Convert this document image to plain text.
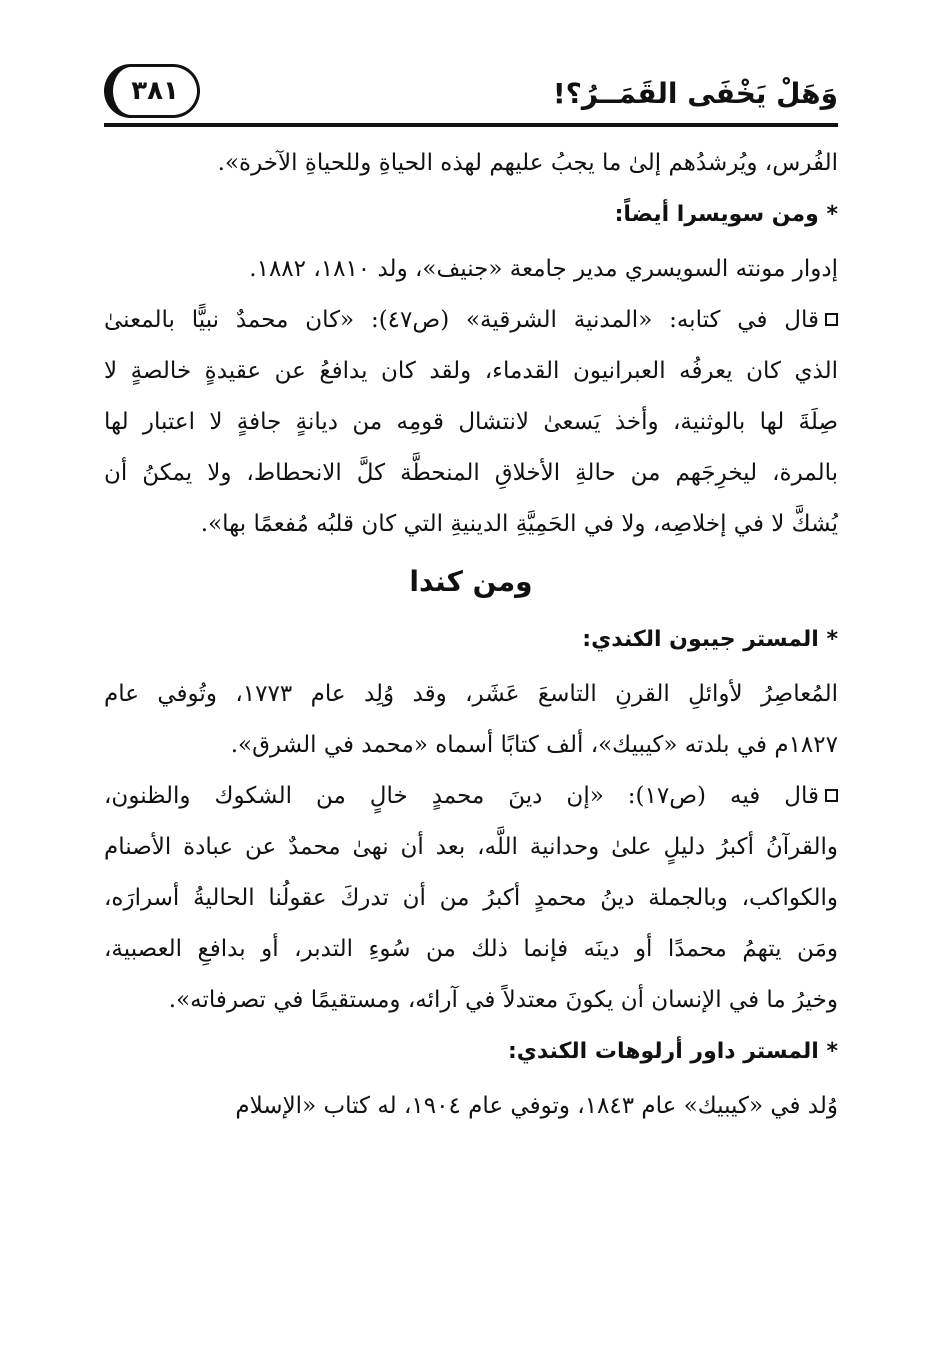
وَهَلْ يَخْفَى القَمَــرُ؟!
٣٨١
الفُرس، ويُرشدُهم إلىٰ ما يجبُ عليهم لهذه الحياةِ وللحياةِ الآخرة».
* ومن سويسرا أيضاً:
إدوار مونته السويسري مدير جامعة «جنيف»، ولد ١٨١٠، ١٨٨٢.
قال في كتابه: «المدنية الشرقية» (ص٤٧): «كان محمدٌ نبيًّا بالمعنىٰ
الذي كان يعرفُه العبرانيون القدماء، ولقد كان يدافعُ عن عقيدةٍ خالصةٍ لا
صِلَةَ لها بالوثنية، وأخذ يَسعىٰ لانتشال قومِه من ديانةٍ جافةٍ لا اعتبار لها
بالمرة، ليخرِجَهم من حالةِ الأخلاقِ المنحطَّة كلَّ الانحطاط، ولا يمكنُ أن
يُشكَّ لا في إخلاصِه، ولا في الحَمِيَّةِ الدينيةِ التي كان قلبُه مُفعمًا بها».
ومن كندا
* المستر جيبون الكندي:
المُعاصِرُ لأوائلِ القرنِ التاسعَ عَشَر، وقد وُلِد عام ١٧٧٣، وتُوفي عام
١٨٢٧م في بلدته «كيبيك»، ألف كتابًا أسماه «محمد في الشرق».
قال فيه (ص١٧): «إن دينَ محمدٍ خالٍ من الشكوك والظنون،
والقرآنُ أكبرُ دليلٍ علىٰ وحدانية اللَّه، بعد أن نهىٰ محمدٌ عن عبادة الأصنام
والكواكب، وبالجملة دينُ محمدٍ أكبرُ من أن تدركَ عقولُنا الحاليةُ أسرارَه،
ومَن يتهمُ محمدًا أو دينَه فإنما ذلك من سُوءِ التدبر، أو بدافعِ العصبية،
وخيرُ ما في الإنسان أن يكونَ معتدلاً في آرائه، ومستقيمًا في تصرفاته».
* المستر داور أرلوهات الكندي:
وُلد في «كيبيك» عام ١٨٤٣، وتوفي عام ١٩٠٤، له كتاب «الإسلام
